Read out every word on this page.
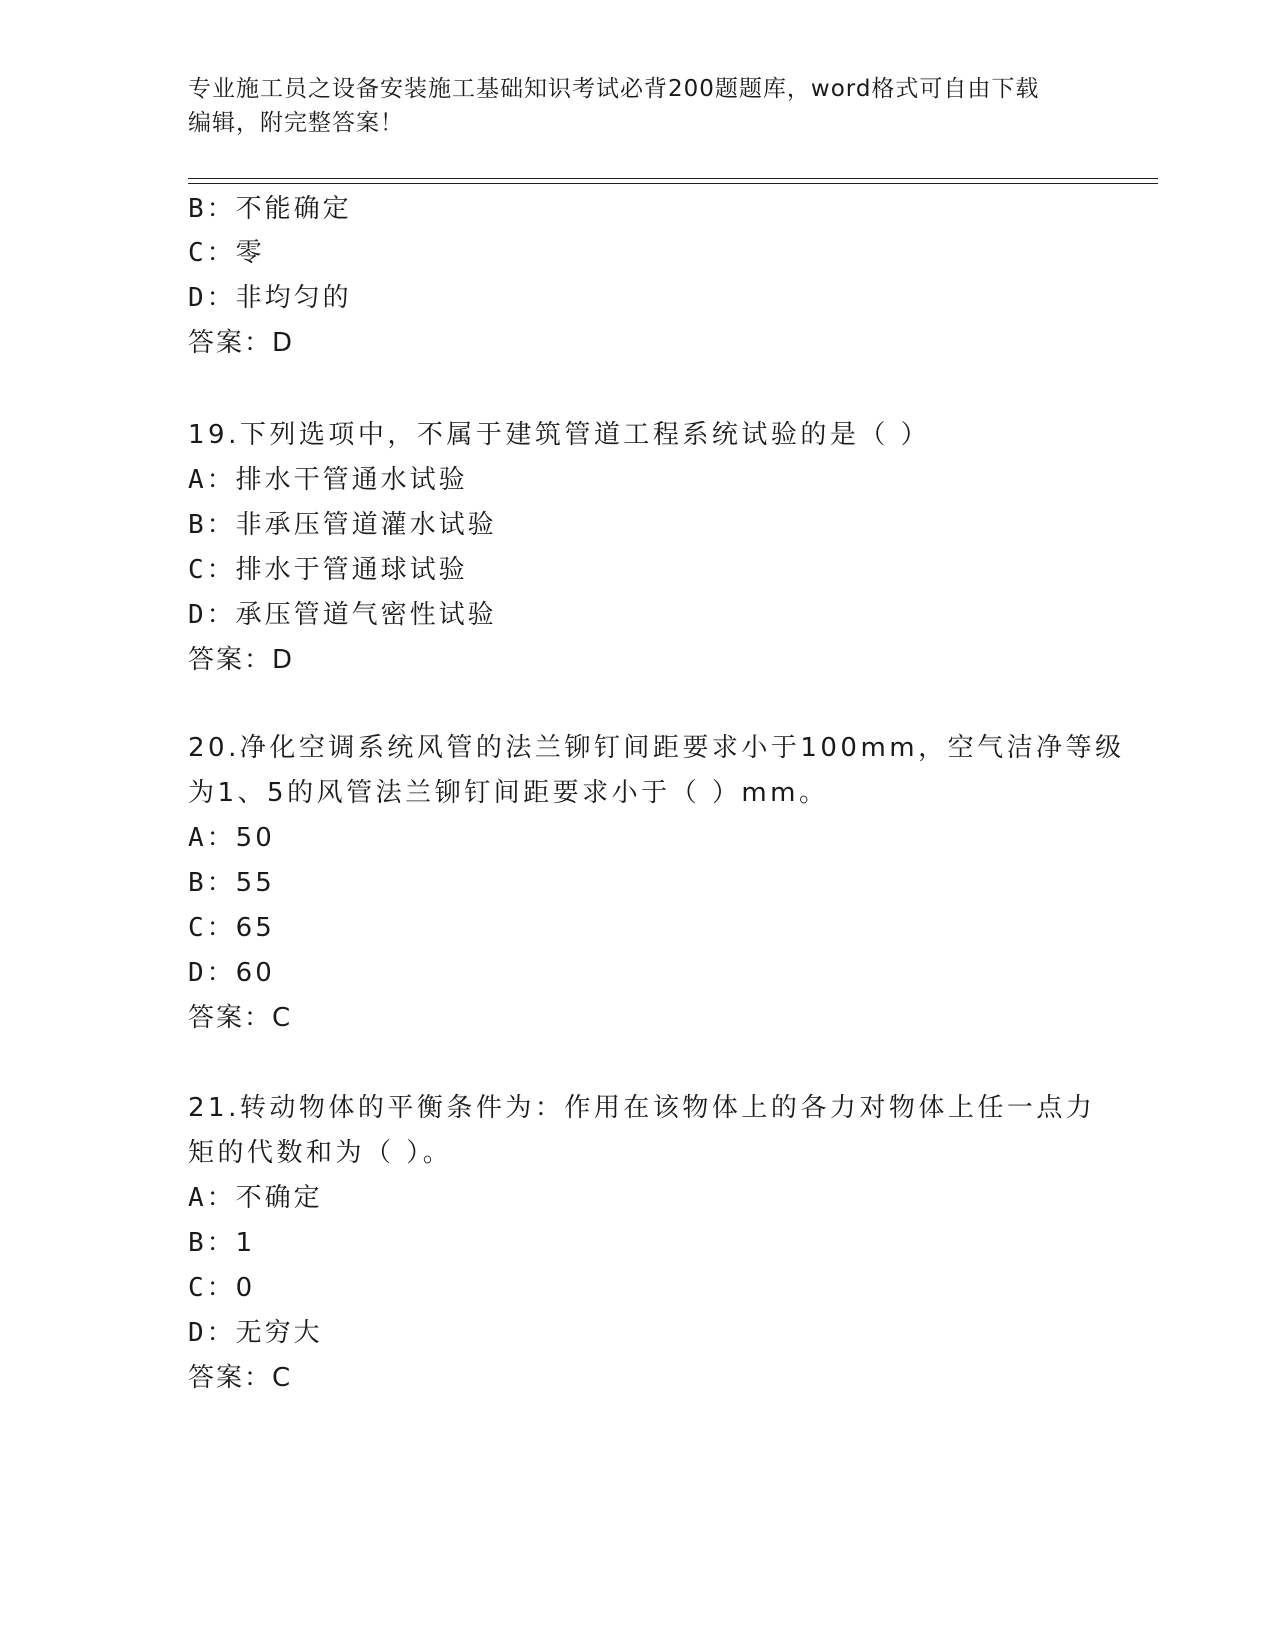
专业施工员之设备安装施工基础知识考试必背200题题库，word格式可自由下载
编辑，附完整答案！
B：不能确定
C：零
D：非均匀的
答案：D
19.下列选项中，不属于建筑管道工程系统试验的是（ ）
A：排水干管通水试验
B：非承压管道灌水试验
C：排水于管通球试验
D：承压管道气密性试验
答案：D
20.净化空调系统风管的法兰铆钉间距要求小于100mm，空气洁净等级
为1、5的风管法兰铆钉间距要求小于（ ）mm。
A：50
B：55
C：65
D：60
答案：C
21.转动物体的平衡条件为：作用在该物体上的各力对物体上任一点力
矩的代数和为（ ）。
A：不确定
B：1
C：0
D：无穷大
答案：C
